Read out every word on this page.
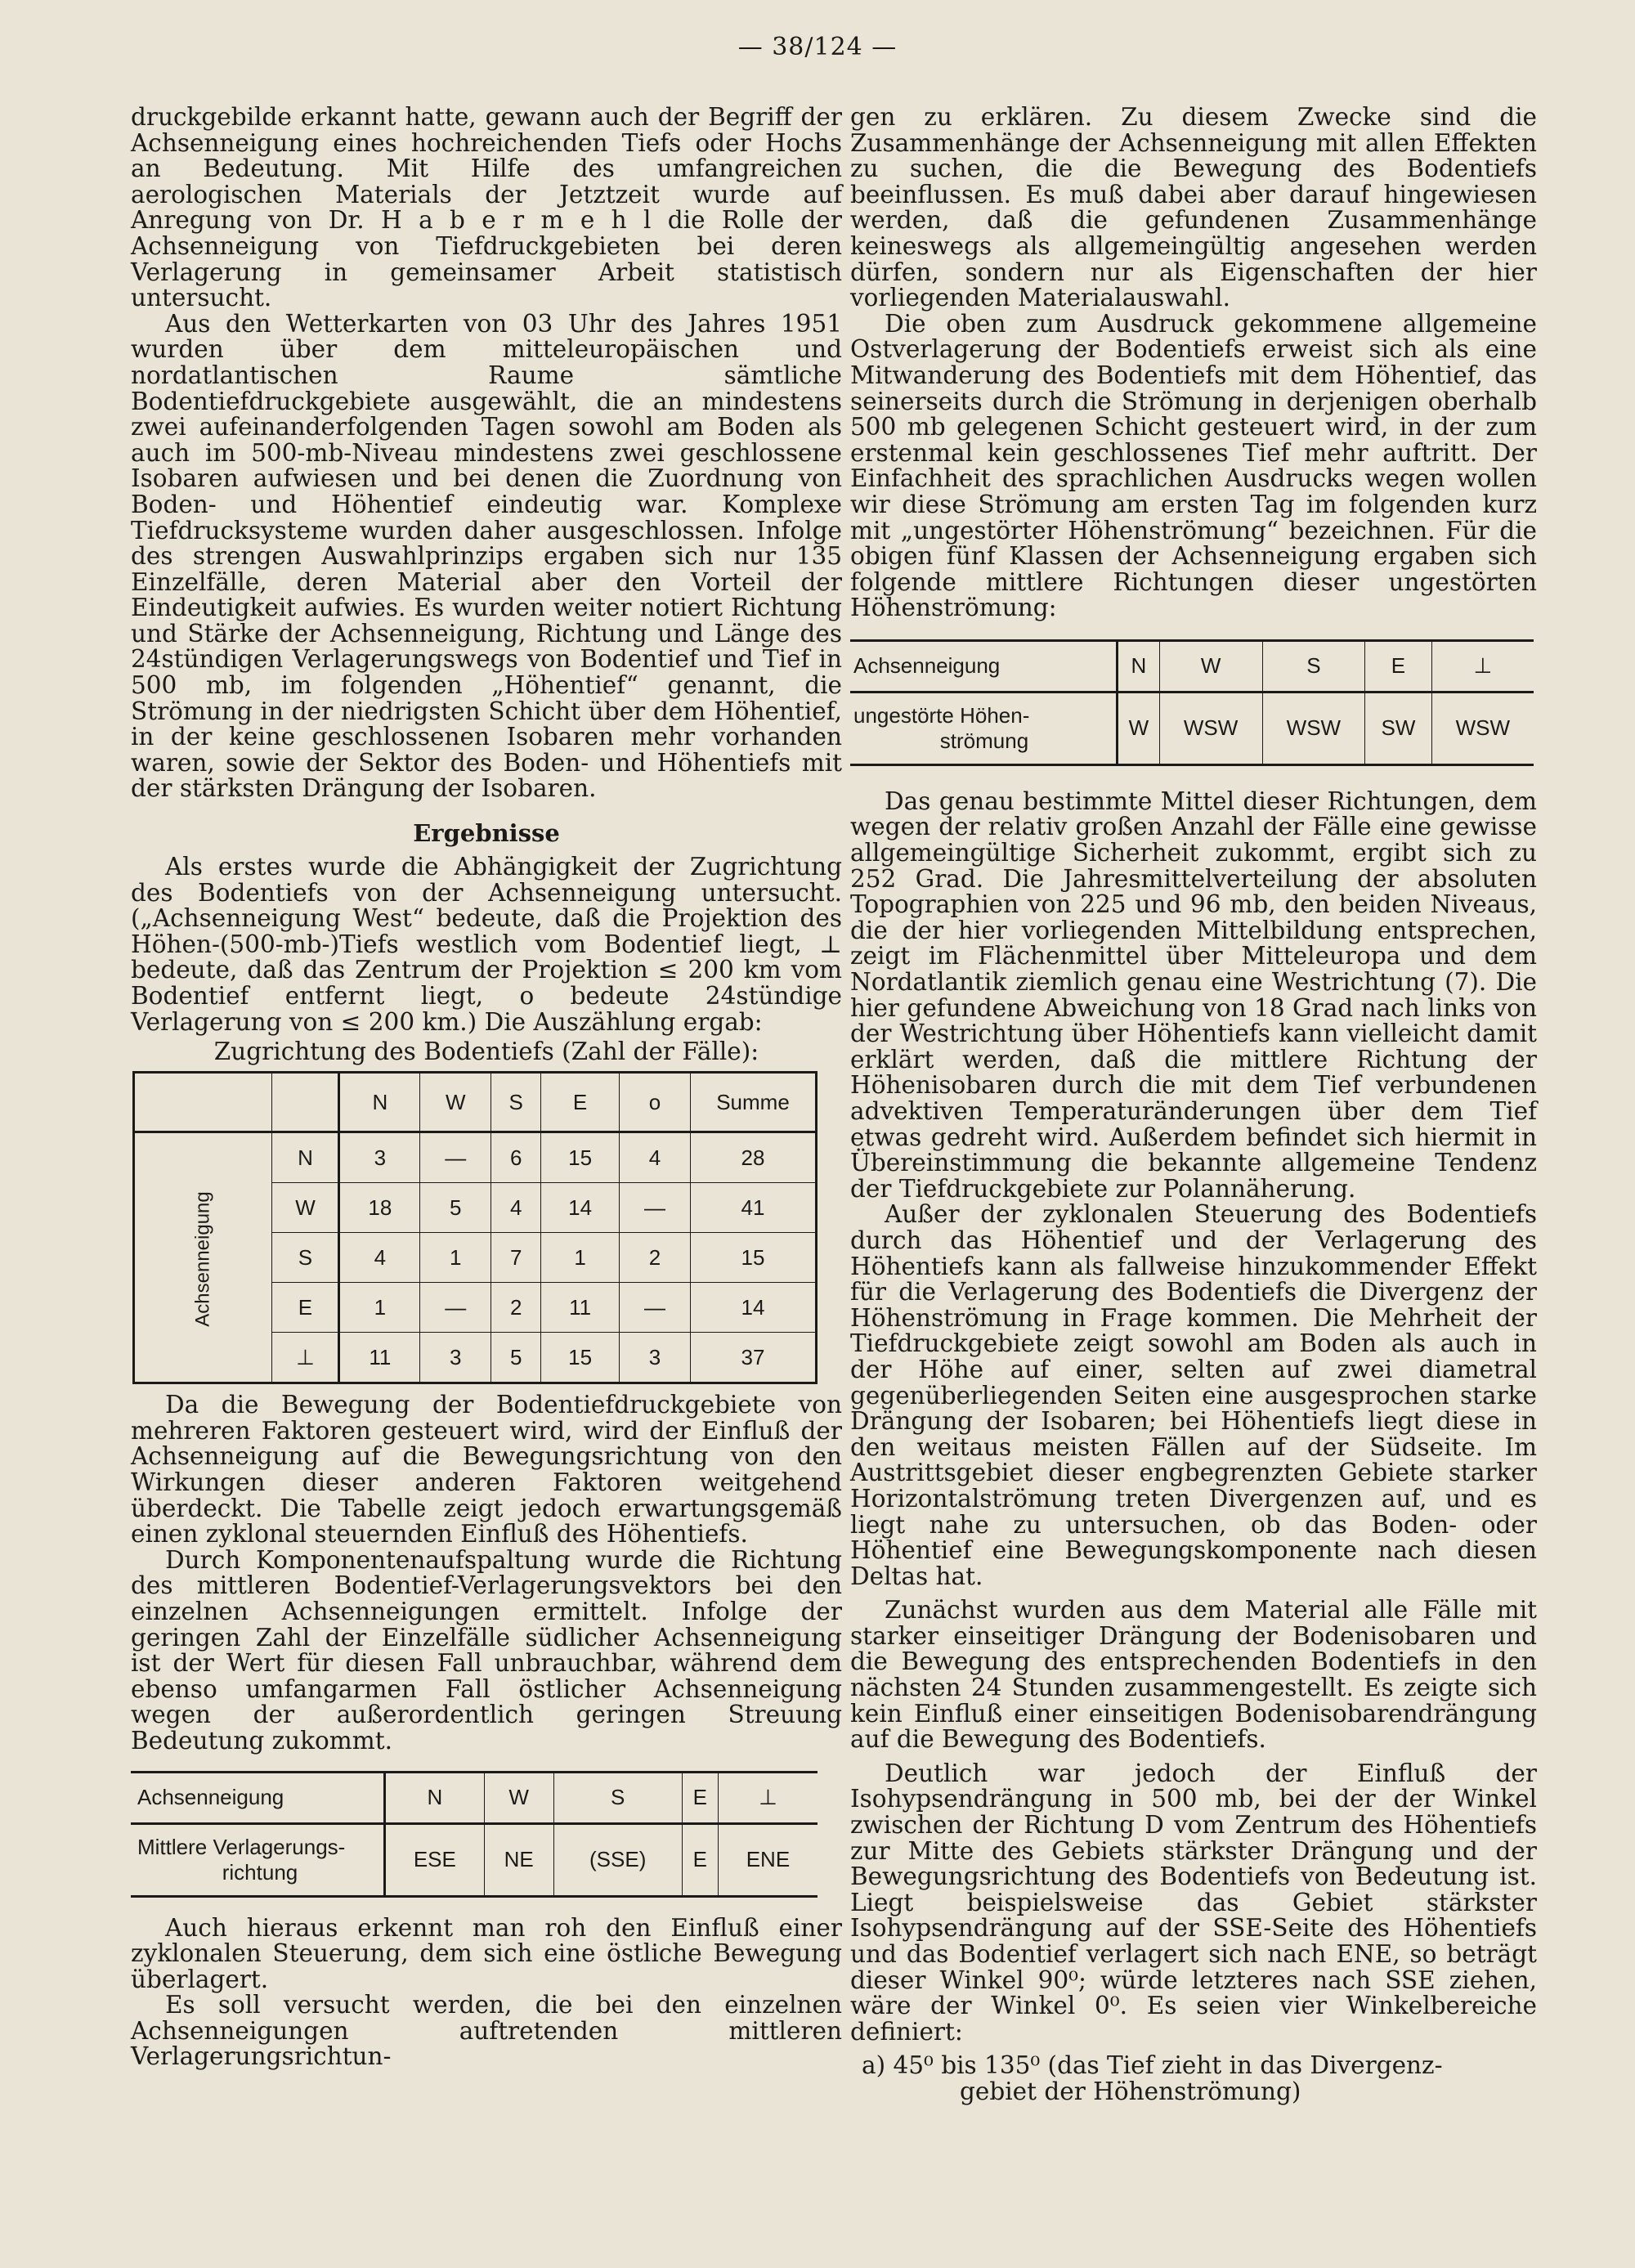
— 38/124 —

druckgebilde erkannt hatte, gewann auch der Begriff der Achsenneigung eines hochreichenden Tiefs oder Hochs an Bedeutung. Mit Hilfe des umfangreichen aerologischen Materials der Jetztzeit wurde auf Anregung von Dr. H a b e r m e h l die Rolle der Achsenneigung von Tiefdruckgebieten bei deren Verlagerung in gemeinsamer Arbeit statistisch untersucht.

Aus den Wetterkarten von 03 Uhr des Jahres 1951 wurden über dem mitteleuropäischen und nordatlantischen Raume sämtliche Bodentiefdruckgebiete ausgewählt, die an mindestens zwei aufeinanderfolgenden Tagen sowohl am Boden als auch im 500-mb-Niveau mindestens zwei geschlossene Isobaren aufwiesen und bei denen die Zuordnung von Boden- und Höhentief eindeutig war. Komplexe Tiefdrucksysteme wurden daher ausgeschlossen. Infolge des strengen Auswahlprinzips ergaben sich nur 135 Einzelfälle, deren Material aber den Vorteil der Eindeutigkeit aufwies. Es wurden weiter notiert Richtung und Stärke der Achsenneigung, Richtung und Länge des 24stündigen Verlagerungswegs von Bodentief und Tief in 500 mb, im folgenden „Höhentief“ genannt, die Strömung in der niedrigsten Schicht über dem Höhentief, in der keine geschlossenen Isobaren mehr vorhanden waren, sowie der Sektor des Boden- und Höhentiefs mit der stärksten Drängung der Isobaren.

Ergebnisse

Als erstes wurde die Abhängigkeit der Zugrichtung des Bodentiefs von der Achsenneigung untersucht. („Achsenneigung West“ bedeute, daß die Projektion des Höhen-(500-mb-)Tiefs westlich vom Bodentief liegt, ⊥ bedeute, daß das Zentrum der Projektion ≤ 200 km vom Bodentief entfernt liegt, o bedeute 24stündige Verlagerung von ≤ 200 km.) Die Auszählung ergab:

Zugrichtung des Bodentiefs (Zahl der Fälle):
		N	W	S	E	o	Summe
Achsenneigung	N	3	—	6	15	4	28
	W	18	5	4	14	—	41
	S	4	1	7	1	2	15
	E	1	—	2	11	—	14
	⊥	11	3	5	15	3	37

Da die Bewegung der Bodentiefdruckgebiete von mehreren Faktoren gesteuert wird, wird der Einfluß der Achsenneigung auf die Bewegungsrichtung von den Wirkungen dieser anderen Faktoren weitgehend überdeckt. Die Tabelle zeigt jedoch erwartungsgemäß einen zyklonal steuernden Einfluß des Höhentiefs.

Durch Komponentenaufspaltung wurde die Richtung des mittleren Bodentief-Verlagerungsvektors bei den einzelnen Achsenneigungen ermittelt. Infolge der geringen Zahl der Einzelfälle südlicher Achsenneigung ist der Wert für diesen Fall unbrauchbar, während dem ebenso umfangarmen Fall östlicher Achsenneigung wegen der außerordentlich geringen Streuung Bedeutung zukommt.

Achsenneigung	N	W	S	E	⊥

Mittlere Verlagerungs-
richtung	ESE	NE	(SSE)	E	ENE

Auch hieraus erkennt man roh den Einfluß einer zyklonalen Steuerung, dem sich eine östliche Bewegung überlagert.

Es soll versucht werden, die bei den einzelnen Achsenneigungen auftretenden mittleren Verlagerungsrichtun-

gen zu erklären. Zu diesem Zwecke sind die Zusammenhänge der Achsenneigung mit allen Effekten zu suchen, die die Bewegung des Bodentiefs beeinflussen. Es muß dabei aber darauf hingewiesen werden, daß die gefundenen Zusammenhänge keineswegs als allgemeingültig angesehen werden dürfen, sondern nur als Eigenschaften der hier vorliegenden Materialauswahl.

Die oben zum Ausdruck gekommene allgemeine Ostverlagerung der Bodentiefs erweist sich als eine Mitwanderung des Bodentiefs mit dem Höhentief, das seinerseits durch die Strömung in derjenigen oberhalb 500 mb gelegenen Schicht gesteuert wird, in der zum erstenmal kein geschlossenes Tief mehr auftritt. Der Einfachheit des sprachlichen Ausdrucks wegen wollen wir diese Strömung am ersten Tag im folgenden kurz mit „ungestörter Höhenströmung“ bezeichnen. Für die obigen fünf Klassen der Achsenneigung ergaben sich folgende mittlere Richtungen dieser ungestörten Höhenströmung:

Achsenneigung	N	W	S	E	⊥

ungestörte Höhen-
strömung	W	WSW	WSW	SW	WSW

Das genau bestimmte Mittel dieser Richtungen, dem wegen der relativ großen Anzahl der Fälle eine gewisse allgemeingültige Sicherheit zukommt, ergibt sich zu 252 Grad. Die Jahresmittelverteilung der absoluten Topographien von 225 und 96 mb, den beiden Niveaus, die der hier vorliegenden Mittelbildung entsprechen, zeigt im Flächenmittel über Mitteleuropa und dem Nordatlantik ziemlich genau eine Westrichtung (7). Die hier gefundene Abweichung von 18 Grad nach links von der Westrichtung über Höhentiefs kann vielleicht damit erklärt werden, daß die mittlere Richtung der Höhenisobaren durch die mit dem Tief verbundenen advektiven Temperaturänderungen über dem Tief etwas gedreht wird. Außerdem befindet sich hiermit in Übereinstimmung die bekannte allgemeine Tendenz der Tiefdruckgebiete zur Polannäherung.

Außer der zyklonalen Steuerung des Bodentiefs durch das Höhentief und der Verlagerung des Höhentiefs kann als fallweise hinzukommender Effekt für die Verlagerung des Bodentiefs die Divergenz der Höhenströmung in Frage kommen. Die Mehrheit der Tiefdruckgebiete zeigt sowohl am Boden als auch in der Höhe auf einer, selten auf zwei diametral gegenüberliegenden Seiten eine ausgesprochen starke Drängung der Isobaren; bei Höhentiefs liegt diese in den weitaus meisten Fällen auf der Südseite. Im Austrittsgebiet dieser engbegrenzten Gebiete starker Horizontalströmung treten Divergenzen auf, und es liegt nahe zu untersuchen, ob das Boden- oder Höhentief eine Bewegungskomponente nach diesen Deltas hat.

Zunächst wurden aus dem Material alle Fälle mit starker einseitiger Drängung der Bodenisobaren und die Bewegung des entsprechenden Bodentiefs in den nächsten 24 Stunden zusammengestellt. Es zeigte sich kein Einfluß einer einseitigen Bodenisobarendrängung auf die Bewegung des Bodentiefs.

Deutlich war jedoch der Einfluß der Isohypsendrängung in 500 mb, bei der der Winkel zwischen der Richtung D vom Zentrum des Höhentiefs zur Mitte des Gebiets stärkster Drängung und der Bewegungsrichtung des Bodentiefs von Bedeutung ist. Liegt beispielsweise das Gebiet stärkster Isohypsendrängung auf der SSE-Seite des Höhentiefs und das Bodentief verlagert sich nach ENE, so beträgt dieser Winkel 90⁰; würde letzteres nach SSE ziehen, wäre der Winkel 0⁰. Es seien vier Winkelbereiche definiert:

a) 45⁰ bis 135⁰ (das Tief zieht in das Divergenz-
gebiet der Höhenströmung)
